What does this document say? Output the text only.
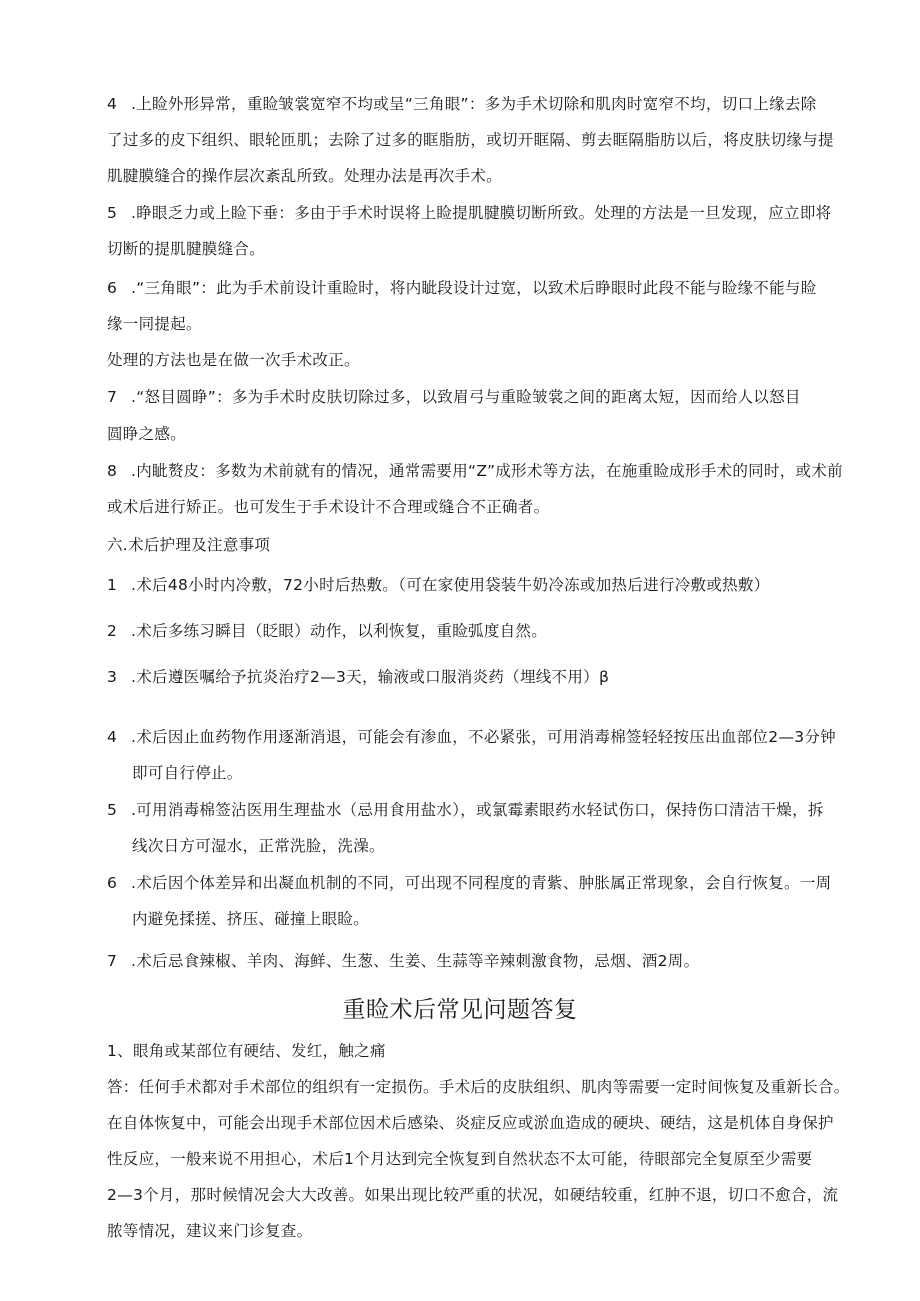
4 .上睑外形异常，重睑皱裳宽窄不均或呈“三角眼”：多为手术切除和肌肉时宽窄不均，切口上缘去除
了过多的皮下组织、眼轮匝肌；去除了过多的眶脂肪，或切开眶隔、剪去眶隔脂肪以后，将皮肤切缘与提
肌腱膜缝合的操作层次紊乱所致。处理办法是再次手术。
5 .睁眼乏力或上睑下垂：多由于手术时误将上睑提肌腱膜切断所致。处理的方法是一旦发现，应立即将
切断的提肌腱膜缝合。
6 .“三角眼”：此为手术前设计重睑时，将内眦段设计过宽，以致术后睁眼时此段不能与睑缘不能与睑
缘一同提起。
处理的方法也是在做一次手术改正。
7 .“怒目圆睁”：多为手术时皮肤切除过多，以致眉弓与重睑皱裳之间的距离太短，因而给人以怒目
圆睁之感。
8 .内眦赘皮：多数为术前就有的情况，通常需要用“Z”成形术等方法，在施重睑成形手术的同时，或术前
或术后进行矫正。也可发生于手术设计不合理或缝合不正确者。
六.术后护理及注意事项
1 .术后48小时内冷敷，72小时后热敷。（可在家使用袋装牛奶冷冻或加热后进行冷敷或热敷）
2 .术后多练习瞬目（眨眼）动作，以利恢复，重睑弧度自然。
3 .术后遵医嘱给予抗炎治疗2—3天，输液或口服消炎药（埋线不用）β
4 .术后因止血药物作用逐渐消退，可能会有渗血，不必紧张，可用消毒棉签轻轻按压出血部位2—3分钟
即可自行停止。
5 .可用消毒棉签沾医用生理盐水（忌用食用盐水），或氯霉素眼药水轻试伤口，保持伤口清洁干燥，拆
线次日方可湿水，正常洗脸，洗澡。
6 .术后因个体差异和出凝血机制的不同，可出现不同程度的青紫、肿胀属正常现象，会自行恢复。一周
内避免揉搓、挤压、碰撞上眼睑。
7 .术后忌食辣椒、羊肉、海鲜、生葱、生姜、生蒜等辛辣刺激食物，忌烟、酒2周。
重睑术后常见问题答复
1、眼角或某部位有硬结、发红，触之痛
答：任何手术都对手术部位的组织有一定损伤。手术后的皮肤组织、肌肉等需要一定时间恢复及重新长合。
在自体恢复中，可能会出现手术部位因术后感染、炎症反应或淤血造成的硬块、硬结，这是机体自身保护
性反应，一般来说不用担心，术后1个月达到完全恢复到自然状态不太可能，待眼部完全复原至少需要
2—3个月，那时候情况会大大改善。如果出现比较严重的状况，如硬结较重，红肿不退，切口不愈合，流
脓等情况，建议来门诊复查。
